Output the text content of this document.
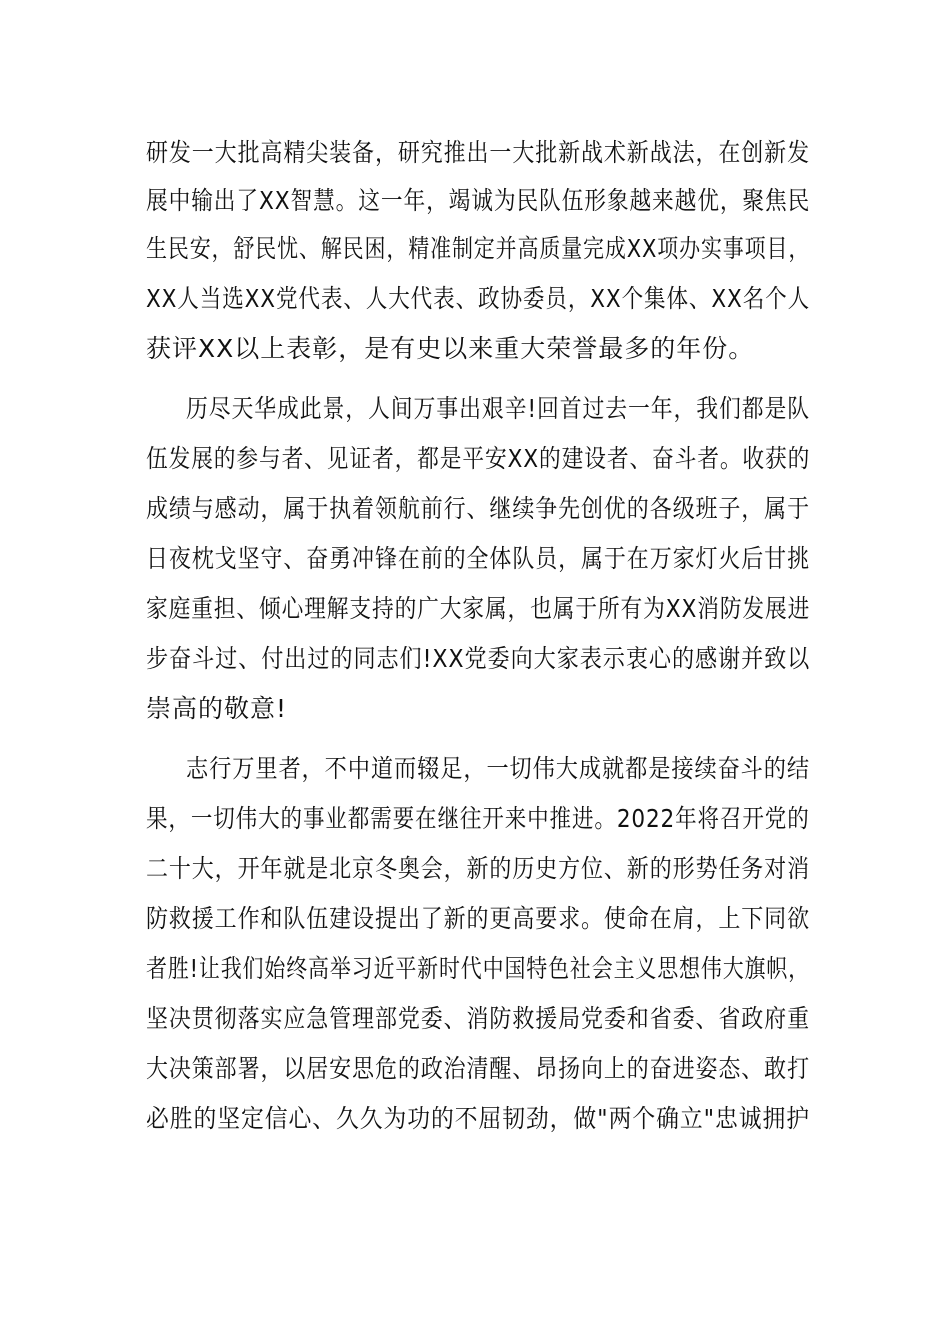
研发一大批高精尖装备，研究推出一大批新战术新战法，在创新发
展中输出了XX智慧。这一年，竭诚为民队伍形象越来越优，聚焦民
生民安，舒民忧、解民困，精准制定并高质量完成XX项办实事项目，
XX人当选XX党代表、人大代表、政协委员，XX个集体、XX名个人
获评XX以上表彰，是有史以来重大荣誉最多的年份。
历尽天华成此景，人间万事出艰辛!回首过去一年，我们都是队
伍发展的参与者、见证者，都是平安XX的建设者、奋斗者。收获的
成绩与感动，属于执着领航前行、继续争先创优的各级班子，属于
日夜枕戈坚守、奋勇冲锋在前的全体队员，属于在万家灯火后甘挑
家庭重担、倾心理解支持的广大家属，也属于所有为XX消防发展进
步奋斗过、付出过的同志们!XX党委向大家表示衷心的感谢并致以
崇高的敬意!
志行万里者，不中道而辍足，一切伟大成就都是接续奋斗的结
果，一切伟大的事业都需要在继往开来中推进。2022年将召开党的
二十大，开年就是北京冬奥会，新的历史方位、新的形势任务对消
防救援工作和队伍建设提出了新的更高要求。使命在肩，上下同欲
者胜!让我们始终高举习近平新时代中国特色社会主义思想伟大旗帜，
坚决贯彻落实应急管理部党委、消防救援局党委和省委、省政府重
大决策部署，以居安思危的政治清醒、昂扬向上的奋进姿态、敢打
必胜的坚定信心、久久为功的不屈韧劲，做"两个确立"忠诚拥护
